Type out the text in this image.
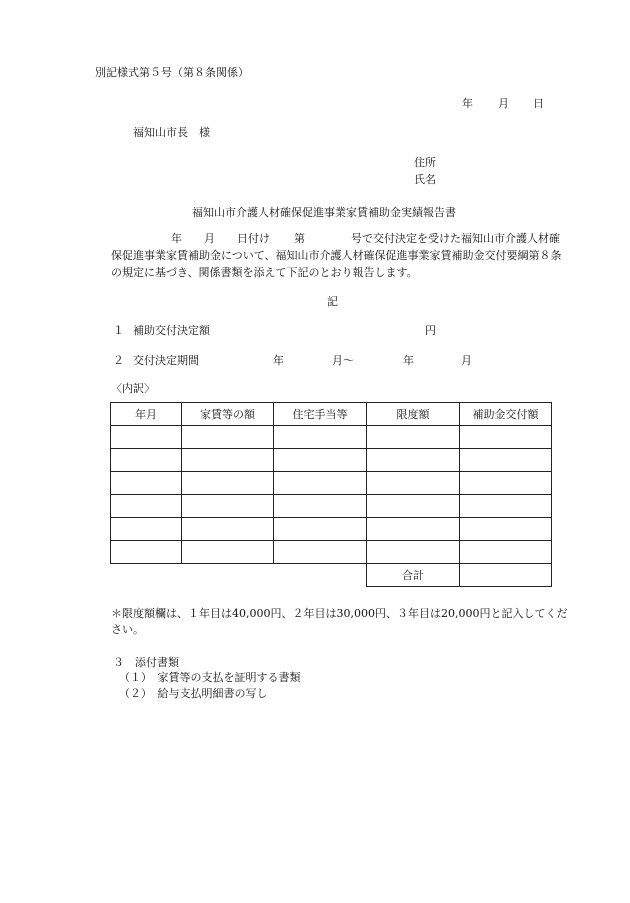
別記様式第５号（第８条関係）
年 月 日
福知山市長　様
住所
氏名
福知山市介護人材確保促進事業家賃補助金実績報告書
年 月 日付け 第	号で交付決定を受けた福知山市介護人材確保促進事業家賃補助金について、福知山市介護人材確保促進事業家賃補助金交付要綱第８条の規定に基づき、関係書類を添えて下記のとおり報告します。
記
１ 補助交付決定額	円
２ 交付決定期間	年	月～	年	月
〈内訳〉
年月	家賃等の額	住宅手当等	限度額	補助金交付額

			合計	
＊限度額欄は、１年目は40,000円、２年目は30,000円、３年目は20,000円と記入してください。
３　添付書類
（１）　家賃等の支払を証明する書類
（２）　給与支払明細書の写し
